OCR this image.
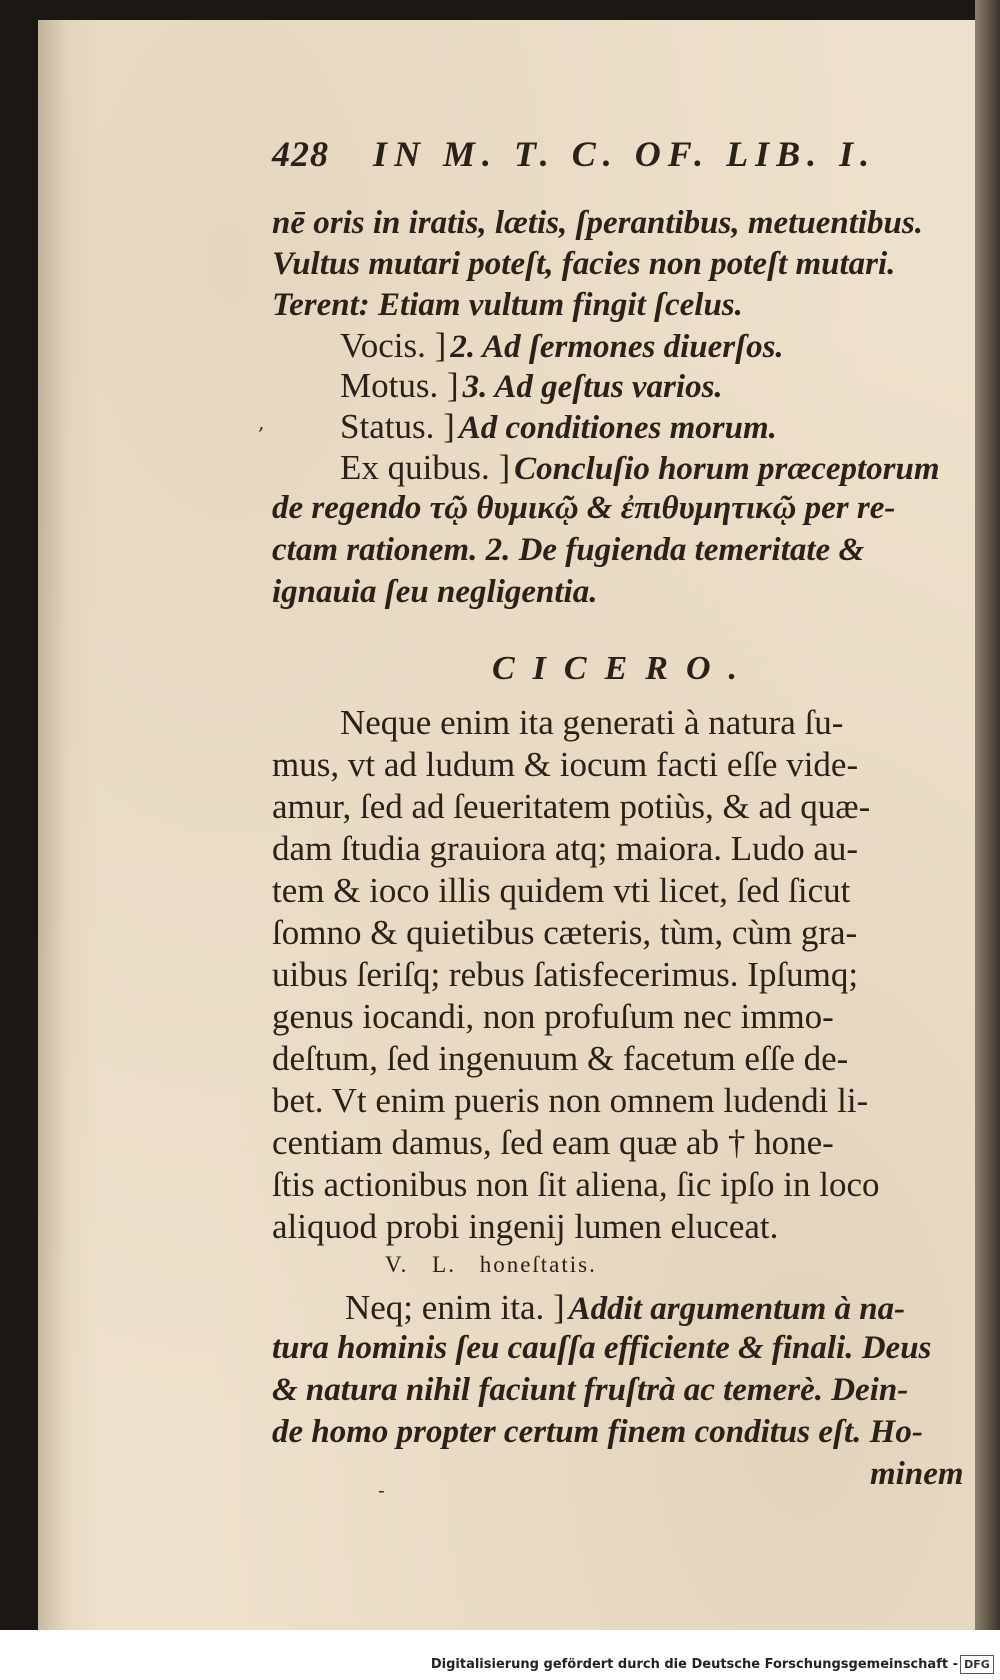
428 IN M. T. C. OF. LIB. I.
nē oris in iratis, lætis, ſperantibus, metuentibus.
Vultus mutari poteſt, facies non poteſt mutari.
Terent: Etiam vultum fingit ſcelus.
Vocis. ] 2. Ad ſermones diuerſos.
Motus. ] 3. Ad geſtus varios.
Status. ] Ad conditiones morum.
Ex quibus. ] Concluſio horum præceptorum
de regendo τῷ θυμικῷ & ἐπιθυμητικῷ per re-
ctam rationem. 2. De fugienda temeritate &
ignauia ſeu negligentia.
CICERO.
Neque enim ita generati à natura ſu-
mus, vt ad ludum & iocum facti eſſe vide-
amur, ſed ad ſeueritatem potiùs, & ad quæ-
dam ſtudia grauiora atq; maiora. Ludo au-
tem & ioco illis quidem vti licet, ſed ſicut
ſomno & quietibus cæteris, tùm, cùm gra-
uibus ſeriſq; rebus ſatisfecerimus. Ipſumq;
genus iocandi, non profuſum nec immo-
deſtum, ſed ingenuum & facetum eſſe de-
bet. Vt enim pueris non omnem ludendi li-
centiam damus, ſed eam quæ ab † hone-
ſtis actionibus non ſit aliena, ſic ipſo in loco
aliquod probi ingenij lumen eluceat.
V. L. honeſtatis.
Neq; enim ita. ] Addit argumentum à na-
tura hominis ſeu cauſſa efficiente & finali. Deus
& natura nihil faciunt fruſtrà ac temerè. Dein-
de homo propter certum finem conditus eſt. Ho-
minem
‚
-
Digitalisierung gefördert durch die Deutsche Forschungsgemeinschaft - DFG
